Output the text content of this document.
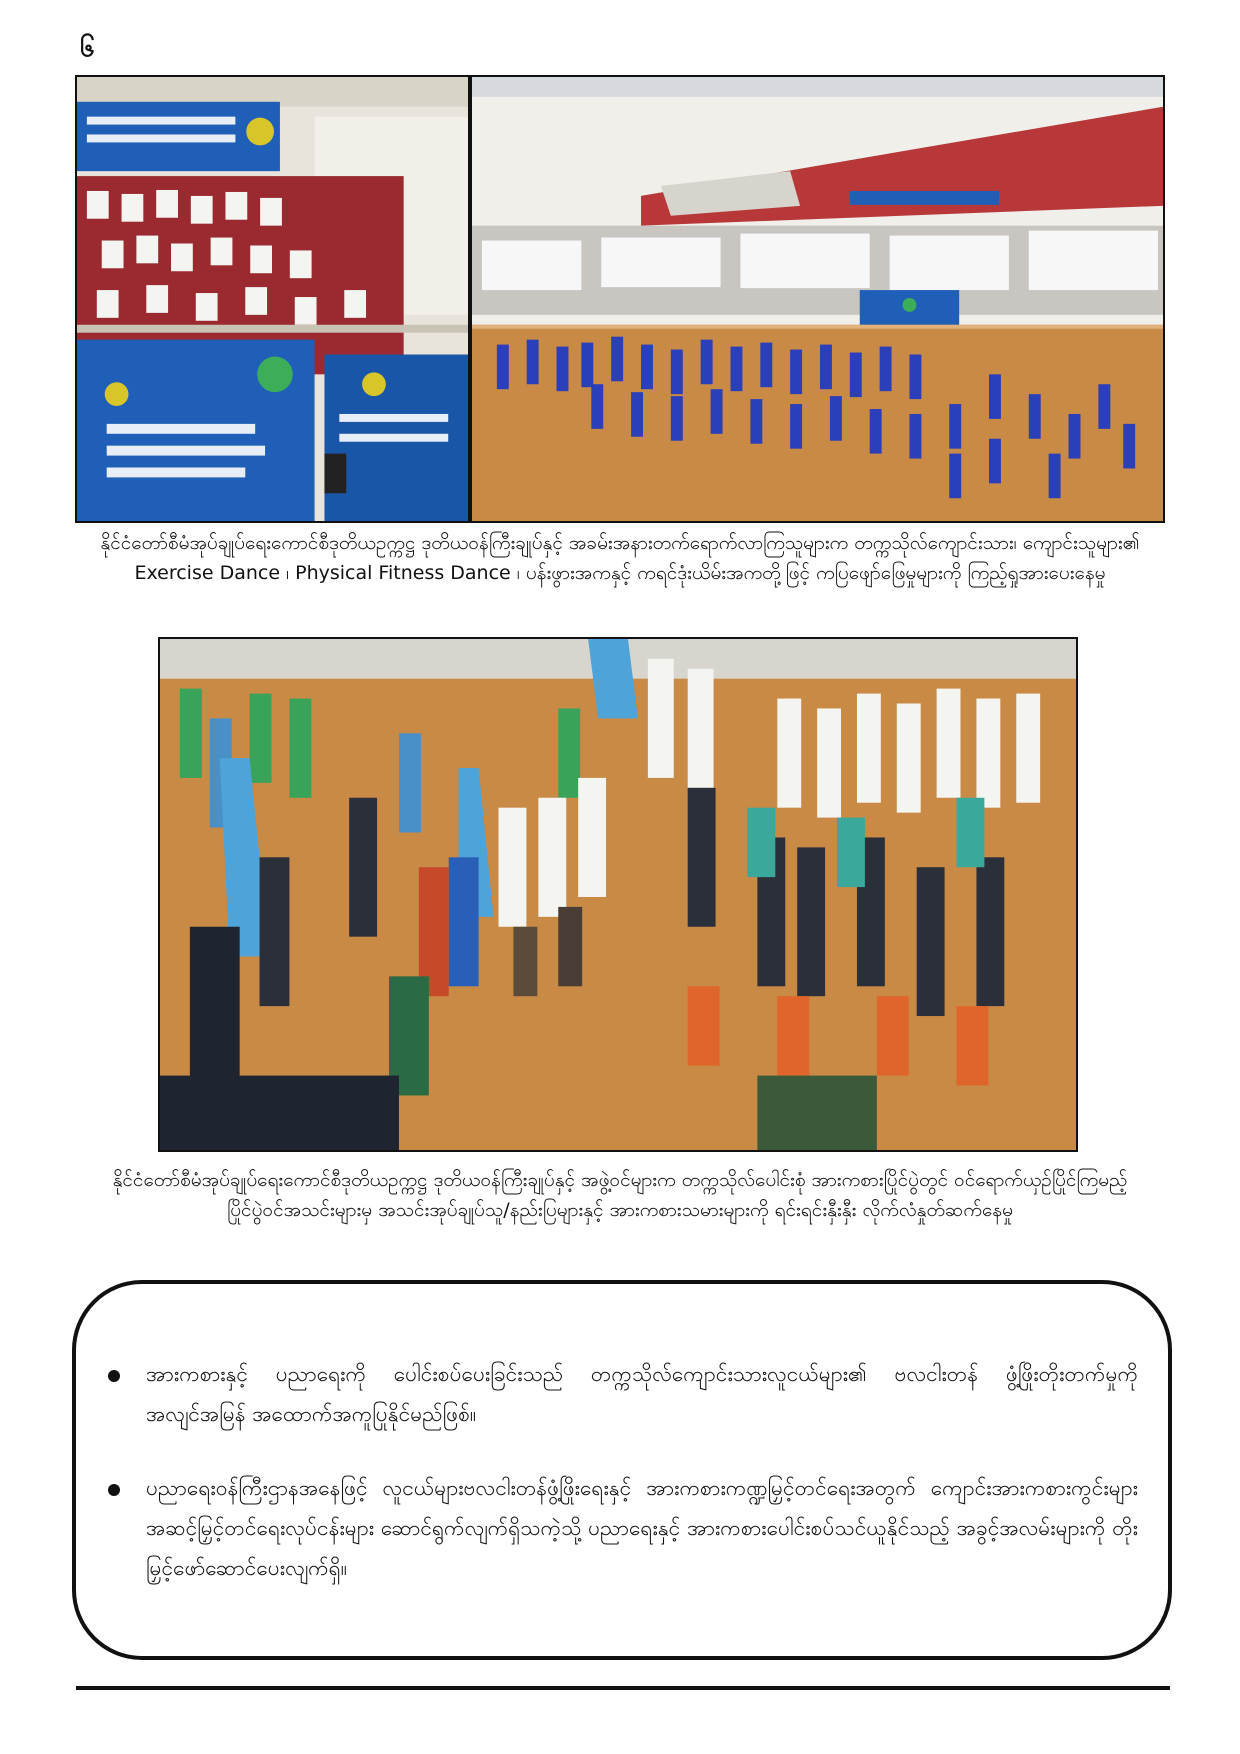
၆
နိုင်ငံတော်စီမံအုပ်ချုပ်ရေးကောင်စီဒုတိယဥက္ကဋ္ဌ ဒုတိယဝန်ကြီးချုပ်နှင့် အခမ်းအနားတက်ရောက်လာကြသူများက တက္ကသိုလ်ကျောင်းသား၊ ကျောင်းသူများ၏ Exercise Dance ၊ Physical Fitness Dance ၊ ပန်းဖွားအကနှင့် ကရင်ဒုံးယိမ်းအကတို့ဖြင့် ကပြဖျော်ဖြေမှုများကို ကြည့်ရှုအားပေးနေမှု
နိုင်ငံတော်စီမံအုပ်ချုပ်ရေးကောင်စီဒုတိယဥက္ကဋ္ဌ ဒုတိယဝန်ကြီးချုပ်နှင့် အဖွဲ့ဝင်များက တက္ကသိုလ်ပေါင်းစုံ အားကစားပြိုင်ပွဲတွင် ဝင်ရောက်ယှဉ်ပြိုင်ကြမည့် ပြိုင်ပွဲဝင်အသင်းများမှ အသင်းအုပ်ချုပ်သူ/နည်းပြများနှင့် အားကစားသမားများကို ရင်းရင်းနှီးနှီး လိုက်လံနှုတ်ဆက်နေမှု
အားကစားနှင့် ပညာရေးကို ပေါင်းစပ်ပေးခြင်းသည် တက္ကသိုလ်ကျောင်းသားလူငယ်များ၏ ဗလငါးတန် ဖွံ့ဖြိုးတိုးတက်မှုကို အလျင်အမြန် အထောက်အကူပြုနိုင်မည်ဖြစ်။
ပညာရေးဝန်ကြီးဌာနအနေဖြင့် လူငယ်များဗလငါးတန်ဖွံ့ဖြိုးရေးနှင့် အားကစားကဏ္ဍမြှင့်တင်ရေးအတွက် ကျောင်းအားကစားကွင်းများ အဆင့်မြှင့်တင်ရေးလုပ်ငန်းများ ဆောင်ရွက်လျက်ရှိသကဲ့သို့ ပညာရေးနှင့် အားကစားပေါင်းစပ်သင်ယူနိုင်သည့် အခွင့်အလမ်းများကို တိုးမြှင့်ဖော်ဆောင်ပေးလျက်ရှိ။
